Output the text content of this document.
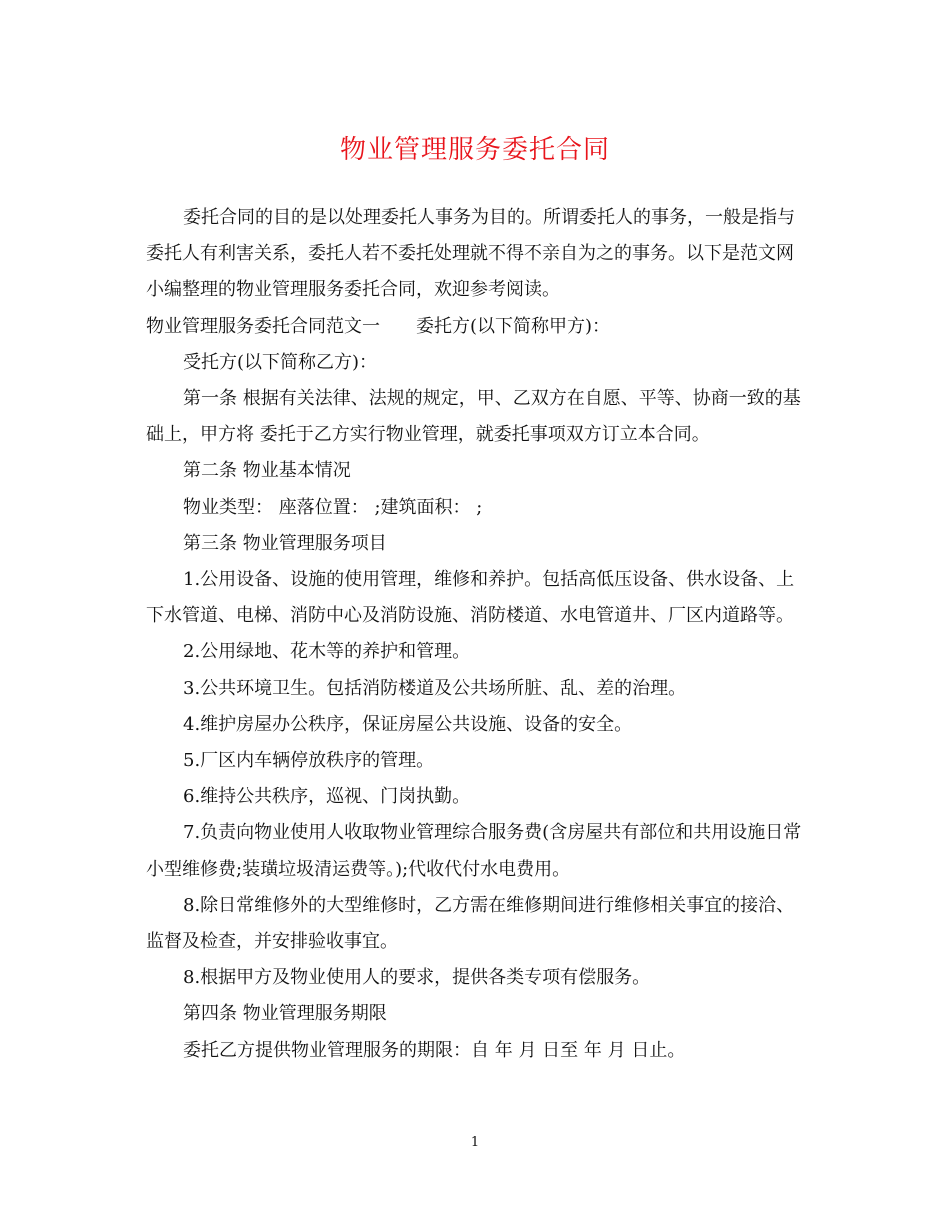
物业管理服务委托合同

委托合同的目的是以处理委托人事务为目的。所谓委托人的事务，一般是指与委托人有利害关系，委托人若不委托处理就不得不亲自为之的事务。以下是范文网小编整理的物业管理服务委托合同，欢迎参考阅读。

物业管理服务委托合同范文一　　委托方(以下简称甲方)：

受托方(以下简称乙方)：

第一条 根据有关法律、法规的规定，甲、乙双方在自愿、平等、协商一致的基础上，甲方将 委托于乙方实行物业管理，就委托事项双方订立本合同。

第二条 物业基本情况

物业类型： 座落位置： ;建筑面积： ;

第三条 物业管理服务项目

1.公用设备、设施的使用管理，维修和养护。包括高低压设备、供水设备、上下水管道、电梯、消防中心及消防设施、消防楼道、水电管道井、厂区内道路等。

2.公用绿地、花木等的养护和管理。

3.公共环境卫生。包括消防楼道及公共场所脏、乱、差的治理。

4.维护房屋办公秩序，保证房屋公共设施、设备的安全。

5.厂区内车辆停放秩序的管理。

6.维持公共秩序，巡视、门岗执勤。

7.负责向物业使用人收取物业管理综合服务费(含房屋共有部位和共用设施日常小型维修费;装璜垃圾清运费等。);代收代付水电费用。

8.除日常维修外的大型维修时，乙方需在维修期间进行维修相关事宜的接洽、监督及检查，并安排验收事宜。

8.根据甲方及物业使用人的要求，提供各类专项有偿服务。

第四条 物业管理服务期限

委托乙方提供物业管理服务的期限：自 年 月 日至 年 月 日止。

1
